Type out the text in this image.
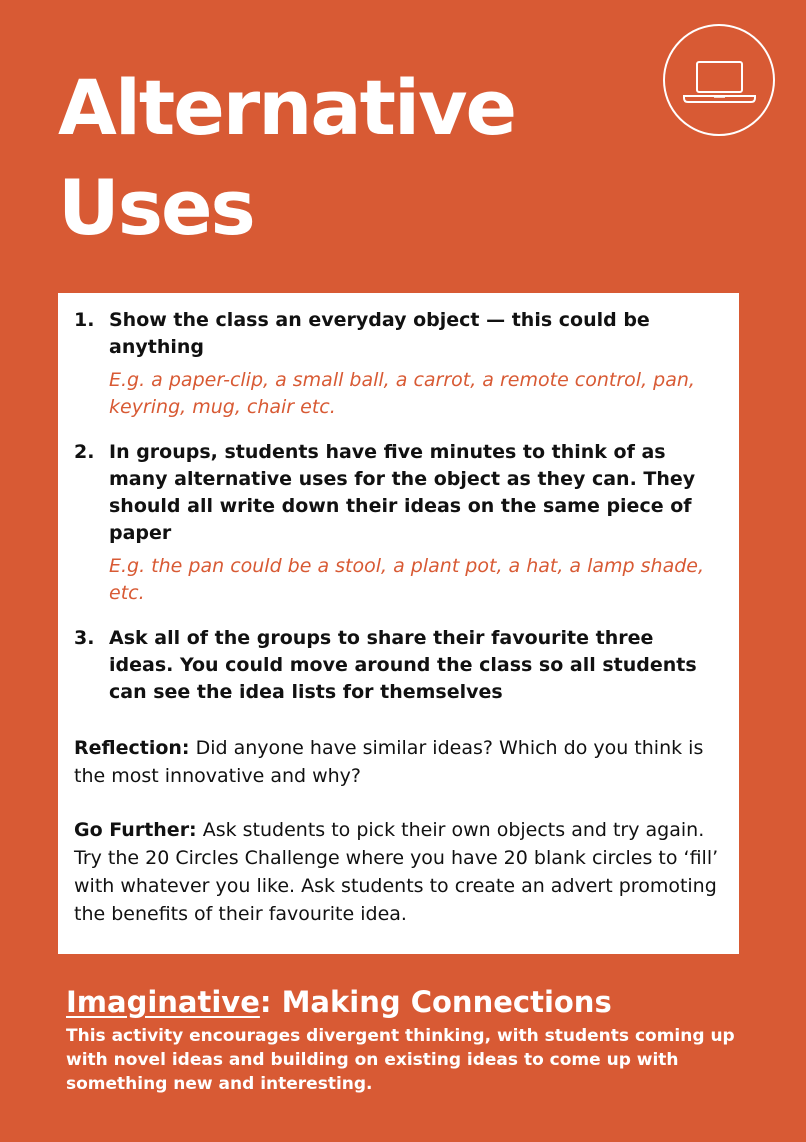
Alternative
Uses
1. Show the class an everyday object — this could be anything
E.g. a paper-clip, a small ball, a carrot, a remote control, pan, keyring, mug, chair etc.
2. In groups, students have five minutes to think of as many alternative uses for the object as they can. They should all write down their ideas on the same piece of paper
E.g. the pan could be a stool, a plant pot, a hat, a lamp shade, etc.
3. Ask all of the groups to share their favourite three ideas. You could move around the class so all students can see the idea lists for themselves

Reflection: Did anyone have similar ideas? Which do you think is the most innovative and why?

Go Further: Ask students to pick their own objects and try again. Try the 20 Circles Challenge where you have 20 blank circles to ‘fill’ with whatever you like. Ask students to create an advert promoting the benefits of their favourite idea.

Imaginative: Making Connections

This activity encourages divergent thinking, with students coming up with novel ideas and building on existing ideas to come up with something new and interesting.
